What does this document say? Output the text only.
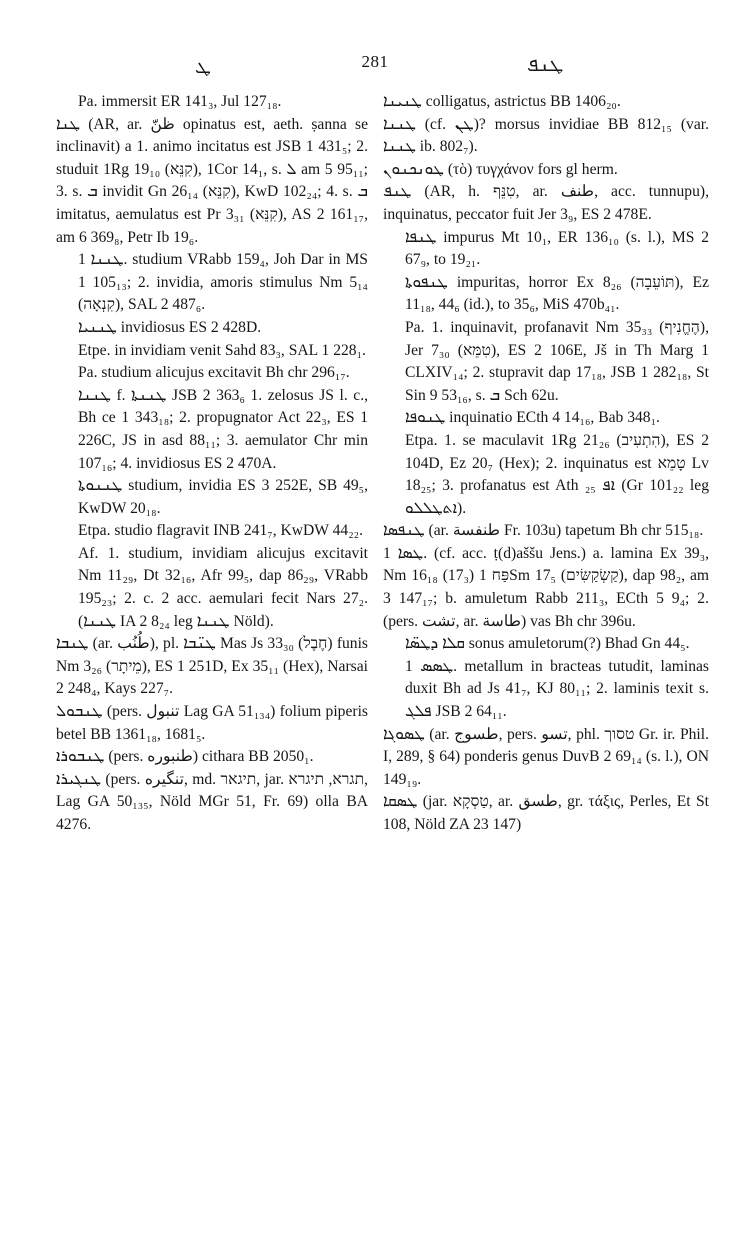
ܛ	281	ܛܢܦ

Pa. immersit ER 141₃, Jul 127₁₈.

ܛܢܐ (AR, ar. ظنّ opinatus est, aeth. ṣanna se inclinavit) a 1. animo incitatus est JSB 1 431₅; 2. studuit 1Rg 19₁₀ (קִנֵּא), 1Cor 14₁, s. ܠ am 5 95₁₁; 3. s. ܒ invidit Gn 26₁₄ (קִנֵּא), KwD 102₂₄; 4. s. ܒ imitatus, aemulatus est Pr 3₃₁ (קִנֵּא), AS 2 161₁₇, am 6 369₈, Petr Ib 19₆.

ܛܢܢܐ 1. studium VRabb 159₄, Joh Dar in MS 1 105₁₃; 2. invidia, amoris stimulus Nm 5₁₄ (קִנְאָה), SAL 2 487₆.

ܛܢܢܝܐ invidiosus ES 2 428D.

Etpe. in invidiam venit Sahd 83₃, SAL 1 228₁.

Pa. studium alicujus excitavit Bh chr 296₁₇.

ܛܢܢܐ f. ܛܢܢܬܐ JSB 2 363₆ 1. zelosus JS l. c., Bh ce 1 343₁₈; 2. propugnator Act 22₃, ES 1 226C, JS in asd 88₁₁; 3. aemulator Chr min 107₁₆; 4. invidiosus ES 2 470A.

ܛܢܢܘܬܐ studium, invidia ES 3 252E, SB 49₅, KwDW 20₁₈.

Etpa. studio flagravit INB 241₇, KwDW 44₂₂.

Af. 1. studium, invidiam alicujus excitavit Nm 11₂₉, Dt 32₁₆, Afr 99₅, dap 86₂₉, VRabb 195₂₃; 2. c. 2 acc. aemulari fecit Nars 27₂. (ܛܢܢܐ IA 2 8₂₄ leg ܛܢܢܐ Nöld).

ܛܢܒܐ (ar. طُنُب), pl. ܛܢ̈ܒܐ Mas Js 33₃₀ (חֶבֶל) funis Nm 3₂₆ (מֵיתָר), ES 1 251D, Ex 35₁₁ (Hex), Narsai 2 248₄, Kays 227₇.

ܛܢܒܘܠ (pers. تنبول Lag GA 51₁₃₄) folium piperis betel BB 1361₁₈, 1681₅.

ܛܢܒܘܪܐ (pers. طنبوره) cithara BB 2050₁.

ܛܢܓܝܪܐ (pers. تنگيره, md. תיגאר, jar. תגרא, תיגרא, Lag GA 50₁₃₅, Nöld MGr 51, Fr. 69) olla BA 4276.

ܛܢܝܢܐ colligatus, astrictus BB 1406₂₀.

ܛܢܢܐ (cf. ܛܢ)? morsus invidiae BB 812₁₅ (var. ܛܢܢܐ ib. 802₇).

ܛܘܢܟܢܘܢ (τὸ) τυγχάνον fors gl herm.

ܛܢܦ (AR, h. טִנֵּף, ar. طنف, acc. tunnupu), inquinatus, peccator fuit Jer 3₉, ES 2 478E.

ܛܢܦܐ impurus Mt 10₁, ER 136₁₀ (s. l.), MS 2 67₉, to 19₂₁.

ܛܢܦܘܬܐ impuritas, horror Ex 8₂₆ (תּוֹעֵבָה), Ez 11₁₈, 44₆ (id.), to 35₆, MiS 470b₄₁.

Pa. 1. inquinavit, profanavit Nm 35₃₃ (הֶחֱנִיף), Jer 7₃₀ (טִמֵּא), ES 2 106E, Jš in Th Marg 1 CLXIV₁₄; 2. stupravit dap 17₁₈, JSB 1 282₁₈, St Sin 9 53₁₆, s. ܒ Sch 62u.

ܛܢܘܦܐ inquinatio ECth 4 14₁₆, Bab 348₁.

Etpa. 1. se maculavit 1Rg 21₂₆ (הִתְעִיב), ES 2 104D, Ez 20₇ (Hex); 2. inquinatus est טָמֵא Lv 18₂₅; 3. profanatus est Ath ܐܦ ₂₅ (Gr 101₂₂ leg ܐܬܛܠܠܘ).

ܛܢܦܣܐ (ar. طنفسة Fr. 103u) tapetum Bh chr 515₁₈.

ܛܣܐ 1. (cf. acc. ṭ(d)aššu Jens.) a. lamina Ex 39₃, Nm 16₁₈ (17₃) פַּח 1Sm 17₅ (קַשְׂקַשִּׂים), dap 98₂, am 3 147₁₇; b. amuletum Rabb 211₃, ECth 5 9₄; 2. (pers. تشت, ar. طاسة) vas Bh chr 396u.

ܩܠܐ ܕܛܣ̈ܐ sonus amuletorum(?) Bhad Gn 44₅.

ܛܣܣ 1. metallum in bracteas tutudit, laminas duxit Bh ad Js 41₇, KJ 80₁₁; 2. laminis texit s. ܦܠܓ JSB 2 64₁₁.

ܛܣܘܓܐ (ar. طسوج, pers. تسو, phl. טסוך Gr. ir. Phil. I, 289, § 64) ponderis genus DuvB 2 69₁₄ (s. l.), ON 149₁₉.

ܛܣܩܐ (jar. טַסְקָא, ar. طسق, gr. τάξις, Perles, Et St 108, Nöld ZA 23 147)
